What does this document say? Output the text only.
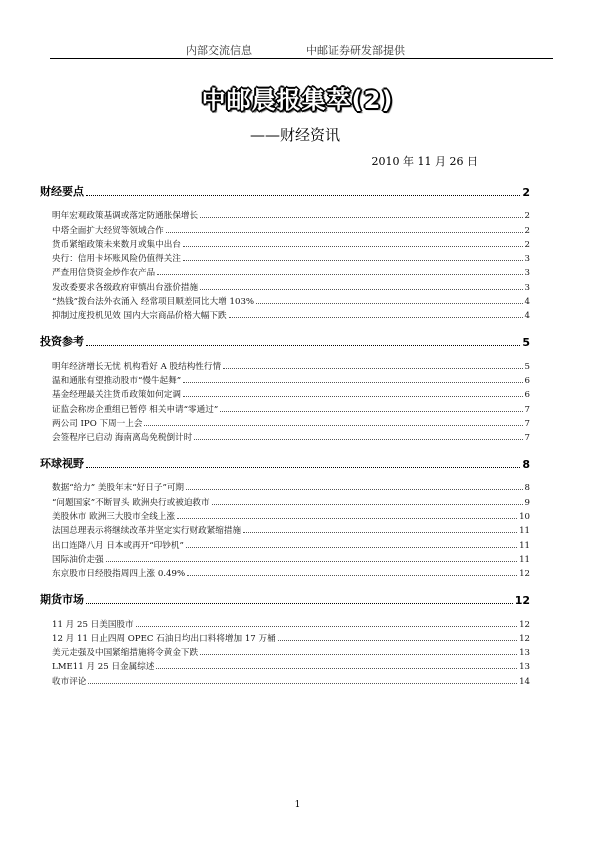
内部交流信息	中邮证券研发部提供
中邮晨报集萃(2)
——财经资讯
2010 年 11 月 26 日
财经要点	2
明年宏观政策基调或落定防通胀保增长	2
中塔全面扩大经贸等领域合作	2
货币紧缩政策未来数月或集中出台	2
央行：信用卡坏账风险仍值得关注	3
严查用信贷资金炒作农产品	3
发改委要求各级政府审慎出台涨价措施	3
“热钱”拨台法外衣涌入 经常项目顺差同比大增 103%	4
抑制过度投机见效 国内大宗商品价格大幅下跌	4
投资参考	5
明年经济增长无忧 机构看好 A 股结构性行情	5
温和通胀有望推动股市“慢牛起舞”	6
基金经理最关注货币政策如何定调	6
证监会称房企重组已暂停 相关申请“零通过”	7
两公司 IPO 下周一上会	7
会签程序已启动 海南离岛免税倒计时	7
环球视野	8
数据“给力” 美股年末“好日子”可期	8
“问题国家”不断冒头 欧洲央行或被迫救市	9
美股休市 欧洲三大股市全线上涨	10
法国总理表示将继续改革并坚定实行财政紧缩措施	11
出口连降八月 日本或再开“印钞机”	11
国际油价走强	11
东京股市日经股指周四上涨 0.49%	12
期货市场	12
11 月 25 日美国股市	12
12 月 11 日止四周 OPEC 石油日均出口料将增加 17 万桶	12
美元走强及中国紧缩措施将令黄金下跌	13
LME11 月 25 日金属综述	13
收市评论	14
1
